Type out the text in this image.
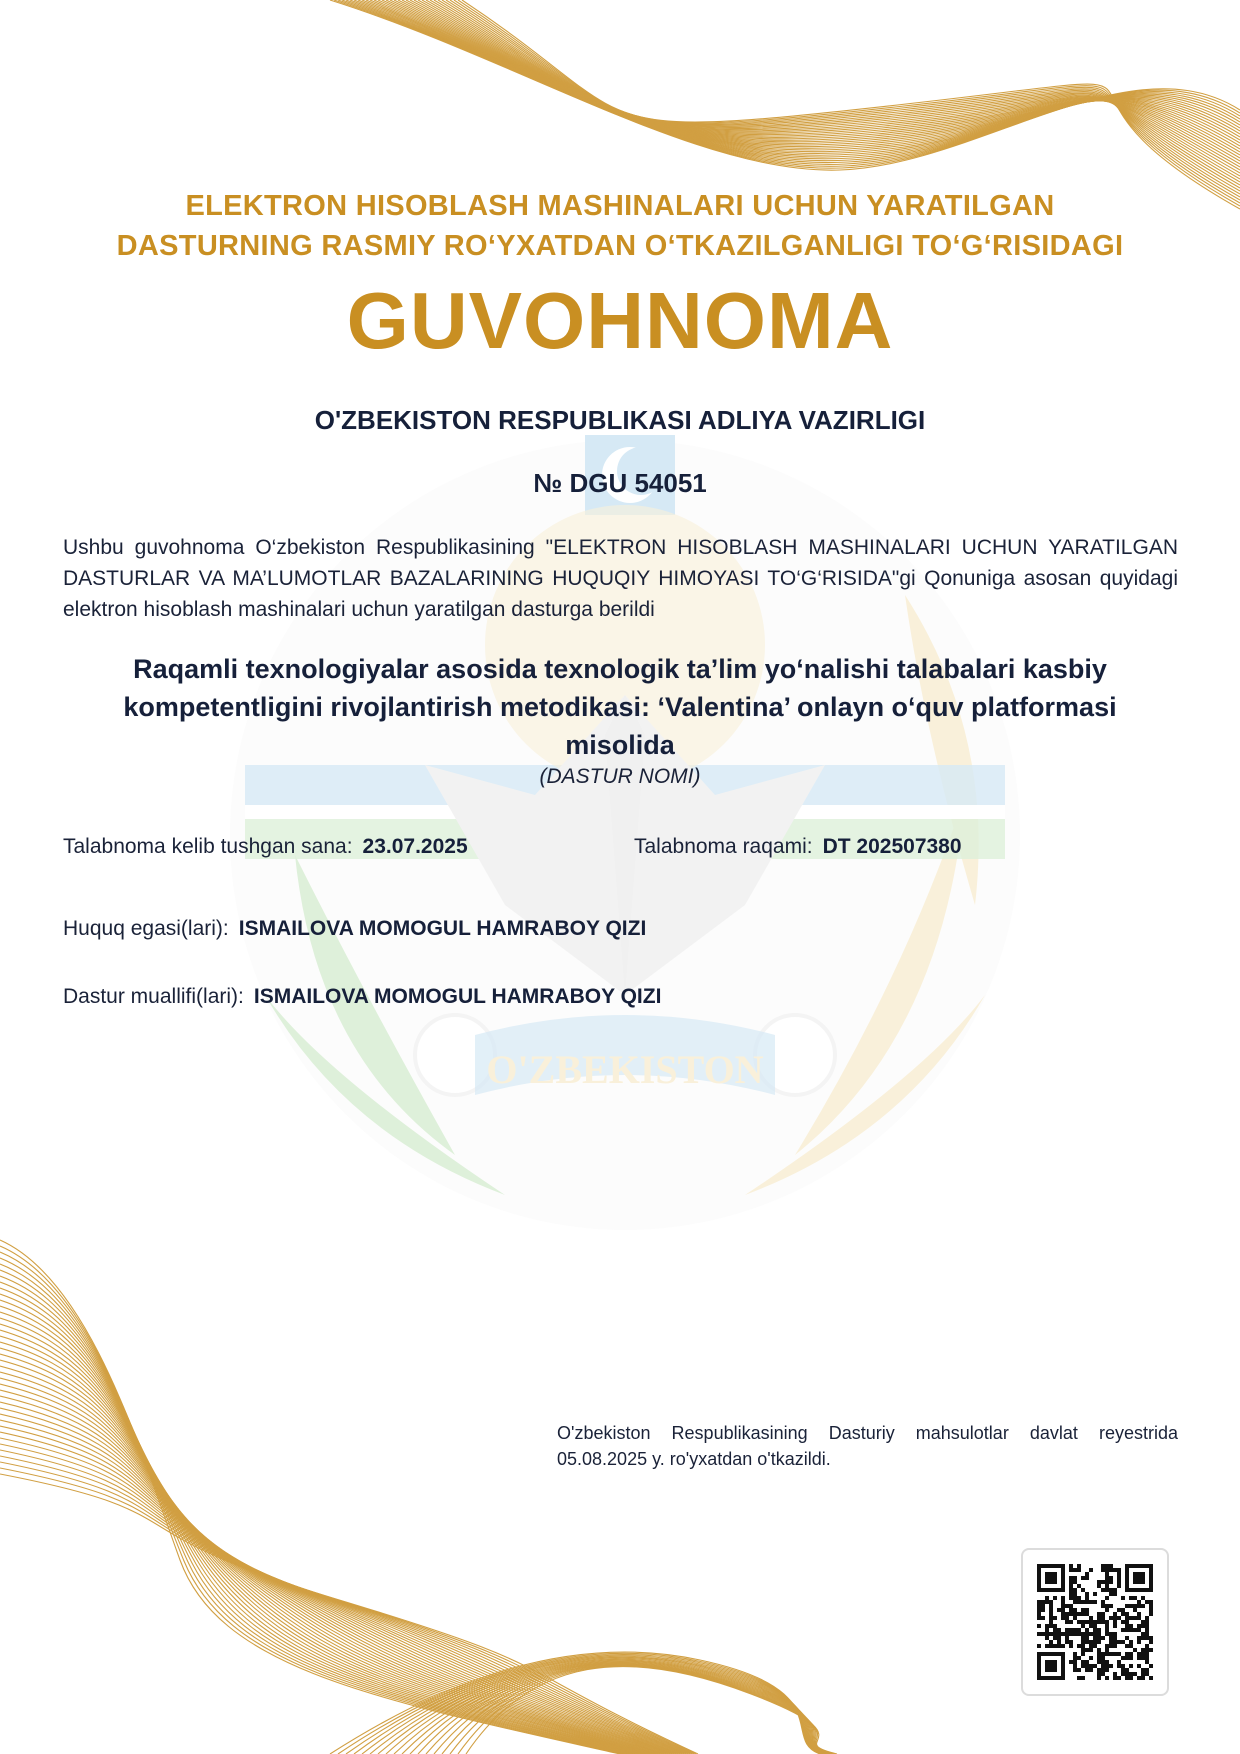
O'ZBEKISTON
ELEKTRON HISOBLASH MASHINALARI UCHUN YARATILGAN
DASTURNING RASMIY RO‘YXATDAN O‘TKAZILGANLIGI TO‘G‘RISIDAGI
GUVOHNOMA
O'ZBEKISTON RESPUBLIKASI ADLIYA VAZIRLIGI
№ DGU 54051
Ushbu guvohnoma O‘zbekiston Respublikasining "ELEKTRON HISOBLASH MASHINALARI UCHUN YARATILGAN DASTURLAR VA MA’LUMOTLAR BAZALARINING HUQUQIY HIMOYASI TO‘G‘RISIDA"gi Qonuniga asosan quyidagi elektron hisoblash mashinalari uchun yaratilgan dasturga berildi
Raqamli texnologiyalar asosida texnologik ta’lim yo‘nalishi talabalari kasbiy kompetentligini rivojlantirish metodikasi: ‘Valentina’ onlayn o‘quv platformasi misolida
(DASTUR NOMI)
Talabnoma kelib tushgan sana: 23.07.2025	Talabnoma raqami: DT 202507380
Huquq egasi(lari): ISMAILOVA MOMOGUL HAMRABOY QIZI
Dastur muallifi(lari): ISMAILOVA MOMOGUL HAMRABOY QIZI
O'zbekiston Respublikasining Dasturiy mahsulotlar davlat reyestrida 05.08.2025 y. ro'yxatdan o'tkazildi.
